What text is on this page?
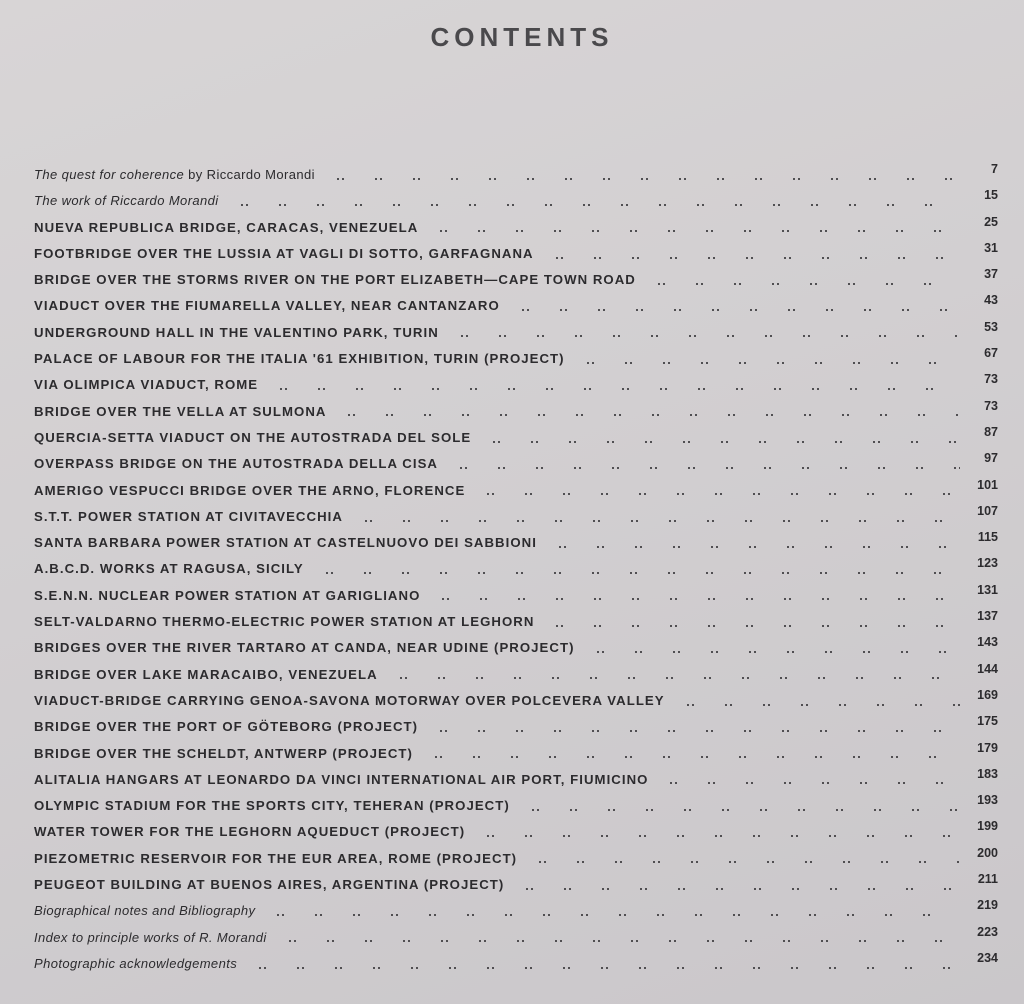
CONTENTS
The quest for coherence by Riccardo Morandi	7
The work of Riccardo Morandi	15
NUEVA REPUBLICA BRIDGE, CARACAS, VENEZUELA	25
FOOTBRIDGE OVER THE LUSSIA AT VAGLI DI SOTTO, GARFAGNANA	31
BRIDGE OVER THE STORMS RIVER ON THE PORT ELIZABETH—CAPE TOWN ROAD	37
VIADUCT OVER THE FIUMARELLA VALLEY, NEAR CANTANZARO	43
UNDERGROUND HALL IN THE VALENTINO PARK, TURIN	53
PALACE OF LABOUR FOR THE ITALIA '61 EXHIBITION, TURIN (PROJECT)	67
VIA OLIMPICA VIADUCT, ROME	73
BRIDGE OVER THE VELLA AT SULMONA	73
QUERCIA-SETTA VIADUCT ON THE AUTOSTRADA DEL SOLE	87
OVERPASS BRIDGE ON THE AUTOSTRADA DELLA CISA	97
AMERIGO VESPUCCI BRIDGE OVER THE ARNO, FLORENCE	101
S.T.T. POWER STATION AT CIVITAVECCHIA	107
SANTA BARBARA POWER STATION AT CASTELNUOVO DEI SABBIONI	115
A.B.C.D. WORKS AT RAGUSA, SICILY	123
S.E.N.N. NUCLEAR POWER STATION AT GARIGLIANO	131
SELT-VALDARNO THERMO-ELECTRIC POWER STATION AT LEGHORN	137
BRIDGES OVER THE RIVER TARTARO AT CANDA, NEAR UDINE (PROJECT)	143
BRIDGE OVER LAKE MARACAIBO, VENEZUELA	144
VIADUCT-BRIDGE CARRYING GENOA-SAVONA MOTORWAY OVER POLCEVERA VALLEY	169
BRIDGE OVER THE PORT OF GÖTEBORG (PROJECT)	175
BRIDGE OVER THE SCHELDT, ANTWERP (PROJECT)	179
ALITALIA HANGARS AT LEONARDO DA VINCI INTERNATIONAL AIR PORT, FIUMICINO	183
OLYMPIC STADIUM FOR THE SPORTS CITY, TEHERAN (PROJECT)	193
WATER TOWER FOR THE LEGHORN AQUEDUCT (PROJECT)	199
PIEZOMETRIC RESERVOIR FOR THE EUR AREA, ROME (PROJECT)	200
PEUGEOT BUILDING AT BUENOS AIRES, ARGENTINA (PROJECT)	211
Biographical notes and Bibliography	219
Index to principle works of R. Morandi	223
Photographic acknowledgements	234
